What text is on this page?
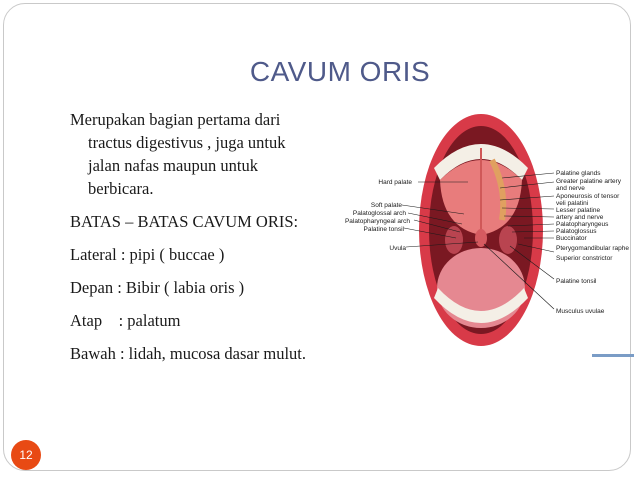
CAVUM ORIS

Merupakan bagian pertama dari tractus digestivus , juga untuk jalan nafas maupun untuk berbicara.

BATAS – BATAS CAVUM ORIS:

Lateral : pipi ( buccae )

Depan : Bibir ( labia oris )

Atap    : palatum

Bawah : lidah, mucosa dasar mulut.

Hard palate
Soft palate
Palatoglossal arch
Palatopharyngeal arch
Palatine tonsil
Uvula
Palatine glands
Greater palatine artery
and nerve
Aponeurosis of tensor
veli palatini
Lesser palatine
artery and nerve
Palatopharyngeus
Palatoglossus
Buccinator
Pterygomandibular raphe
Superior constrictor
Palatine tonsil
Musculus uvulae
12
